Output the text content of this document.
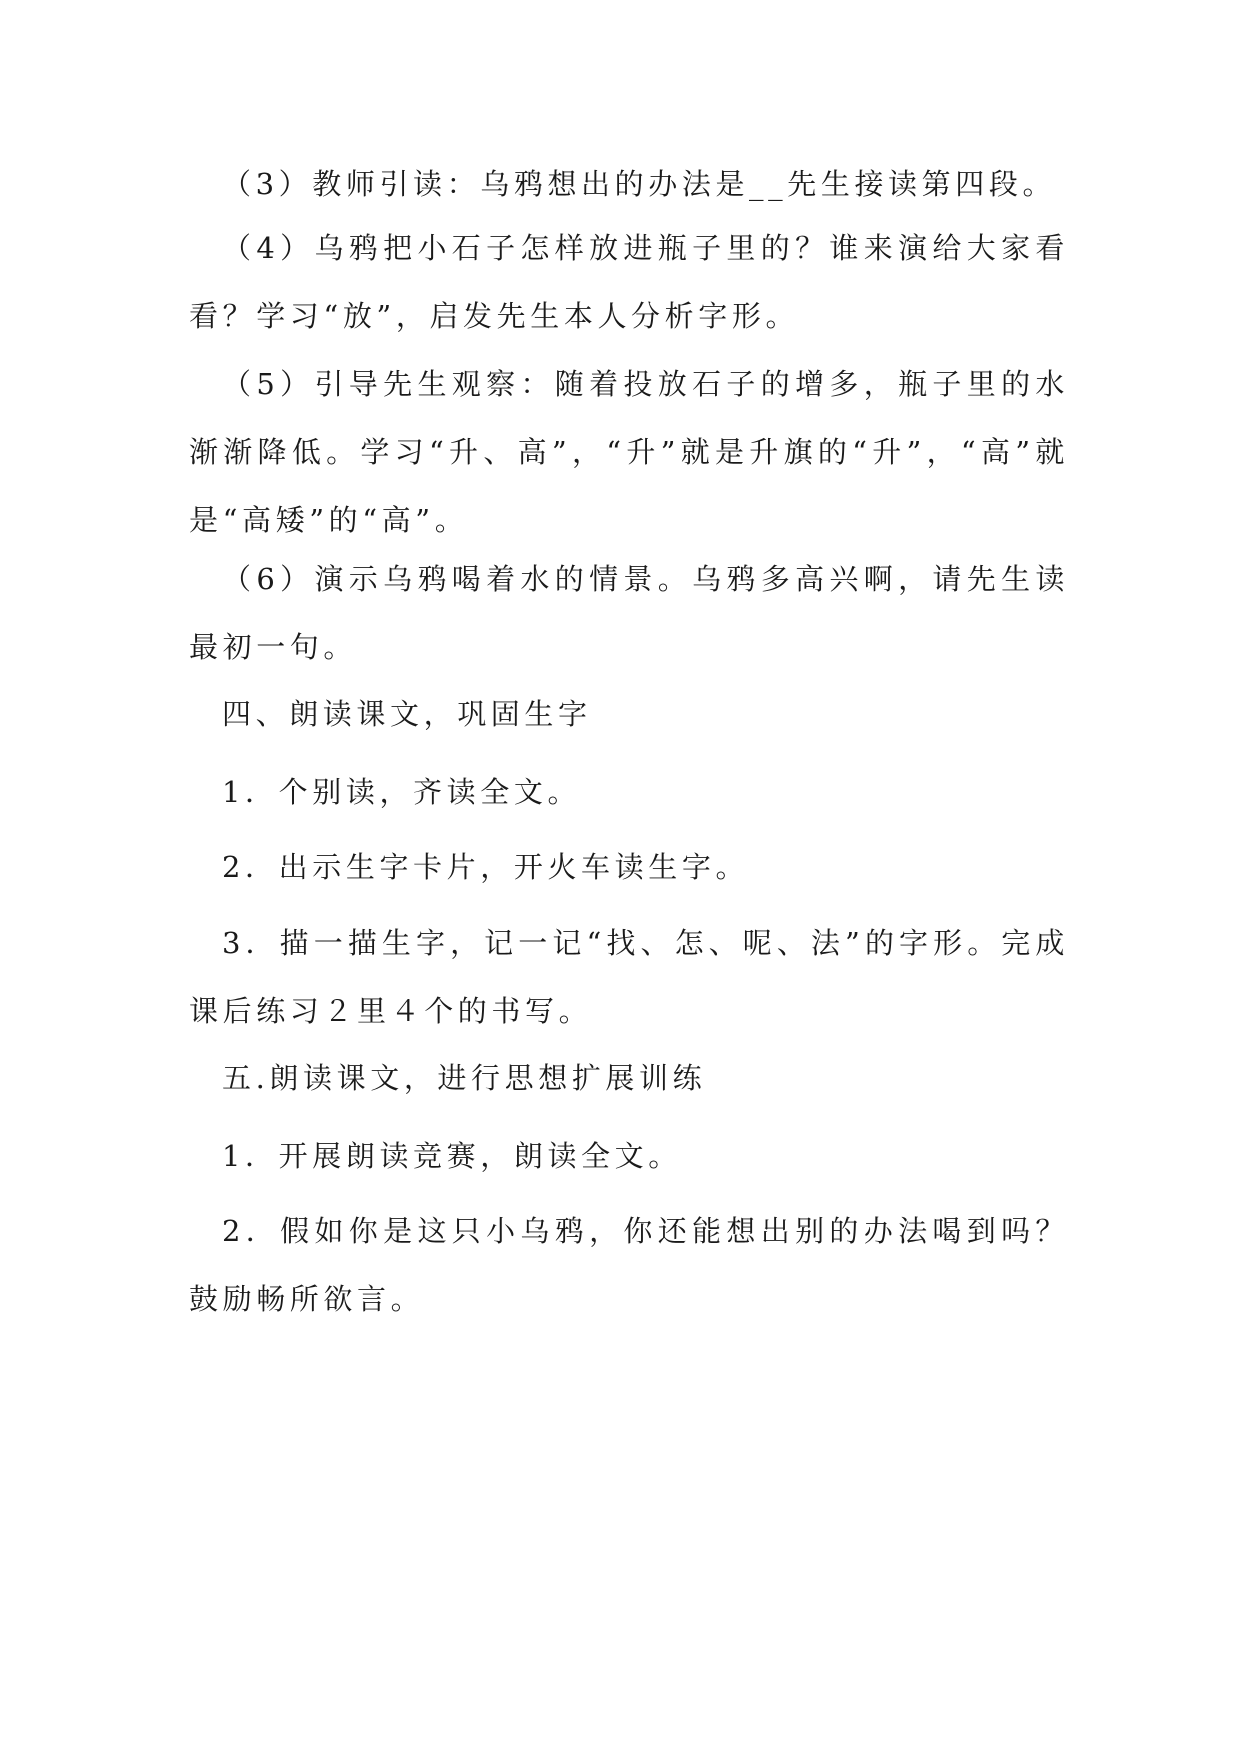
（3）教师引读：乌鸦想出的办法是__先生接读第四段。

（4）乌鸦把小石子怎样放进瓶子里的？谁来演给大家看看？学习“放”，启发先生本人分析字形。

（5）引导先生观察：随着投放石子的增多，瓶子里的水渐渐降低。学习“升、高”，“升”就是升旗的“升”，“高”就是“高矮”的“高”。

（6）演示乌鸦喝着水的情景。乌鸦多高兴啊，请先生读最初一句。

四、朗读课文，巩固生字

1．个别读，齐读全文。

2．出示生字卡片，开火车读生字。

3．描一描生字，记一记“找、怎、呢、法”的字形。完成课后练习２里４个的书写。

五.朗读课文，进行思想扩展训练

1．开展朗读竞赛，朗读全文。

2．假如你是这只小乌鸦，你还能想出别的办法喝到吗？鼓励畅所欲言。
